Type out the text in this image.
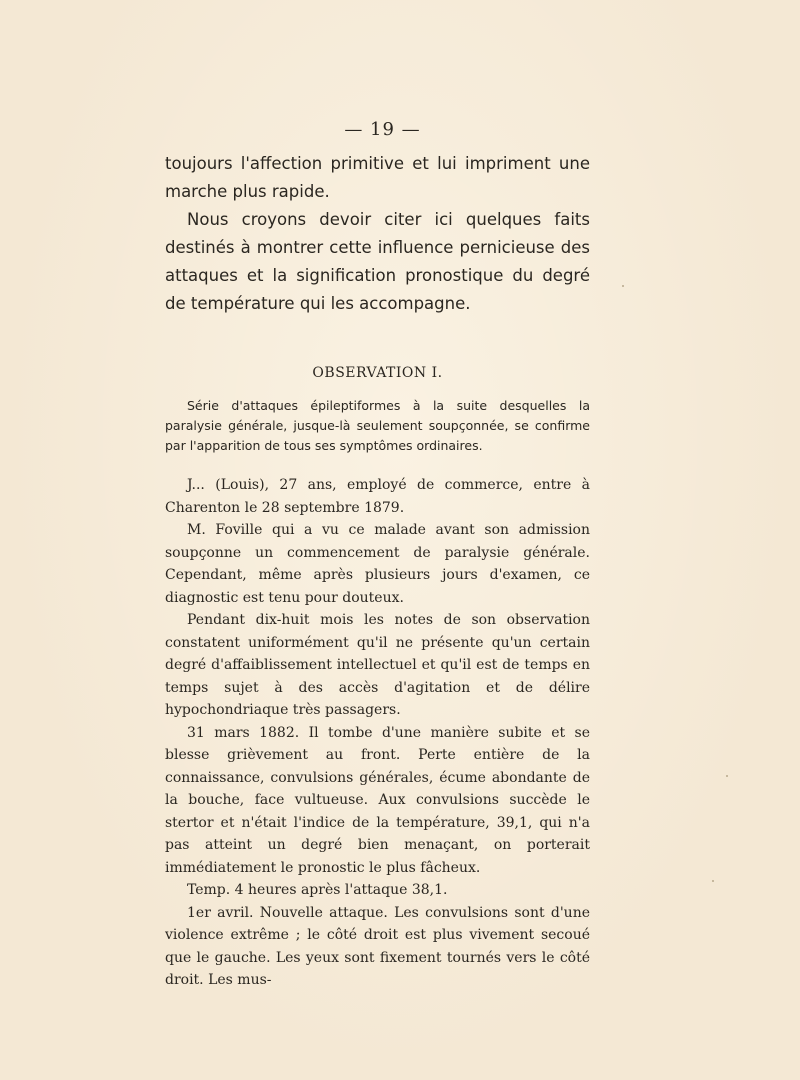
— 19 —

toujours l'affection primitive et lui impriment une marche plus rapide.

Nous croyons devoir citer ici quelques faits destinés à montrer cette influence pernicieuse des attaques et la signification pronostique du degré de température qui les accompagne.

OBSERVATION I.

Série d'attaques épileptiformes à la suite desquelles la paralysie générale, jusque-là seulement soupçonnée, se confirme par l'apparition de tous ses symptômes ordinaires.

J... (Louis), 27 ans, employé de commerce, entre à Charenton le 28 septembre 1879.

M. Foville qui a vu ce malade avant son admission soupçonne un commencement de paralysie générale. Cependant, même après plusieurs jours d'examen, ce diagnostic est tenu pour douteux.

Pendant dix-huit mois les notes de son observation constatent uniformément qu'il ne présente qu'un certain degré d'affaiblissement intellectuel et qu'il est de temps en temps sujet à des accès d'agitation et de délire hypochondriaque très passagers.

31 mars 1882. Il tombe d'une manière subite et se blesse grièvement au front. Perte entière de la connaissance, convulsions générales, écume abondante de la bouche, face vultueuse. Aux convulsions succède le stertor et n'était l'indice de la température, 39,1, qui n'a pas atteint un degré bien menaçant, on porterait immédiatement le pronostic le plus fâcheux.

Temp. 4 heures après l'attaque 38,1.

1er avril. Nouvelle attaque. Les convulsions sont d'une violence extrême ; le côté droit est plus vivement secoué que le gauche. Les yeux sont fixement tournés vers le côté droit. Les mus-
